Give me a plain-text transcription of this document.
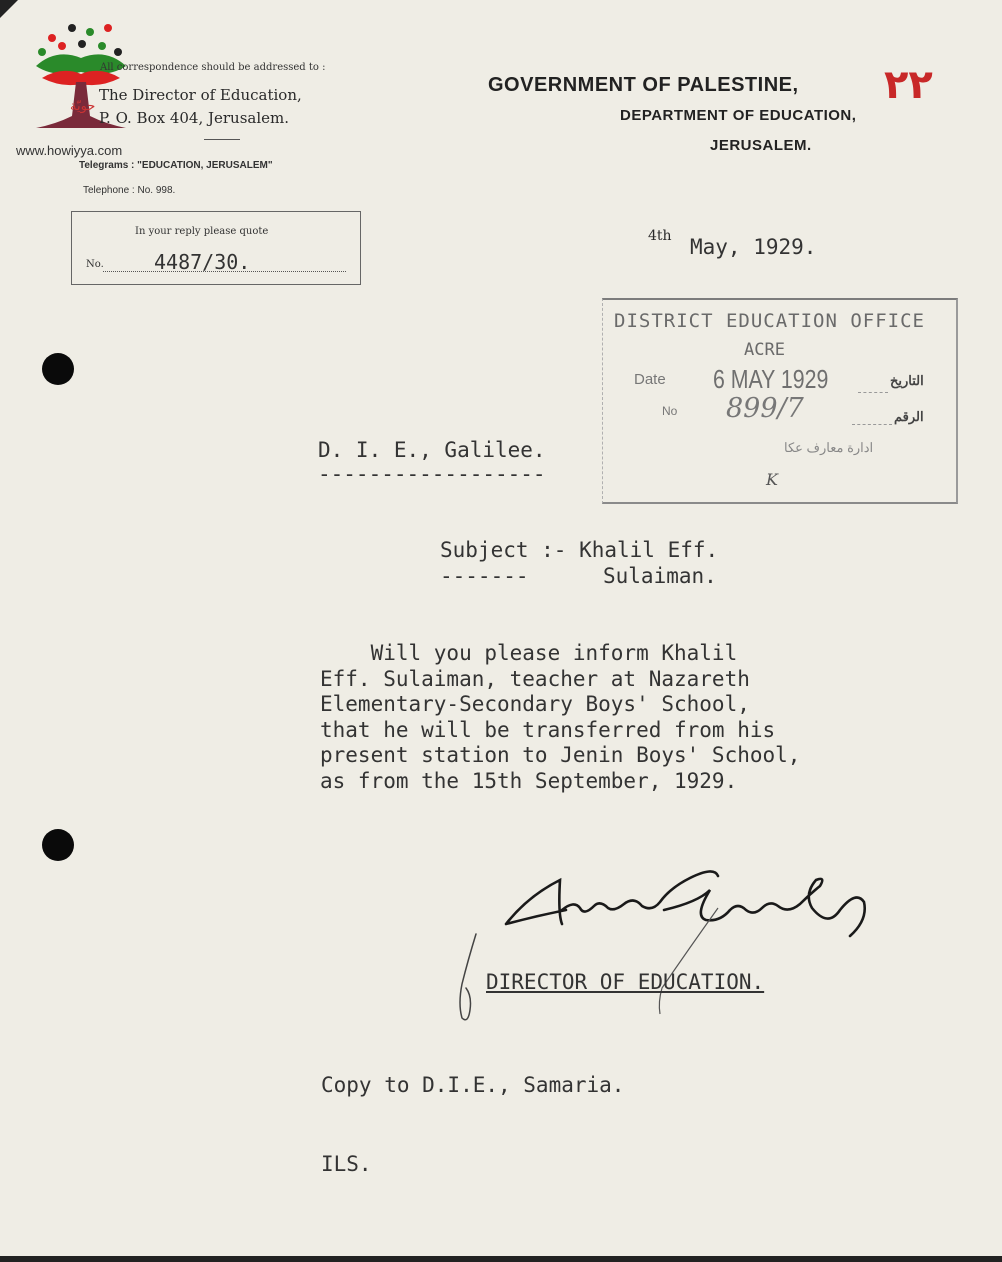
حويّة
www.howiyya.com
All correspondence should be addressed to :
The Director of Education,
P. O. Box 404, Jerusalem.
Telegrams : "EDUCATION, JERUSALEM"
Telephone : No. 998.
In your reply please quote
No.	4487/30.
GOVERNMENT OF PALESTINE,
DEPARTMENT OF EDUCATION,
JERUSALEM.
٢٢
4th May, 1929.
DISTRICT EDUCATION OFFICE
ACRE
Date 6 MAY 1929	التاريخ
No 899/7	الرقم
ادارة معارف عكا
K
D. I. E., Galilee.
------------------
Subject :- Khalil Eff.
-------	Sulaiman.
Will you please inform Khalil
Eff. Sulaiman, teacher at Nazareth
Elementary-Secondary Boys' School,
that he will be transferred from his
present station to Jenin Boys' School,
as from the 15th September, 1929.
DIRECTOR OF EDUCATION.
Copy to D.I.E., Samaria.
ILS.
